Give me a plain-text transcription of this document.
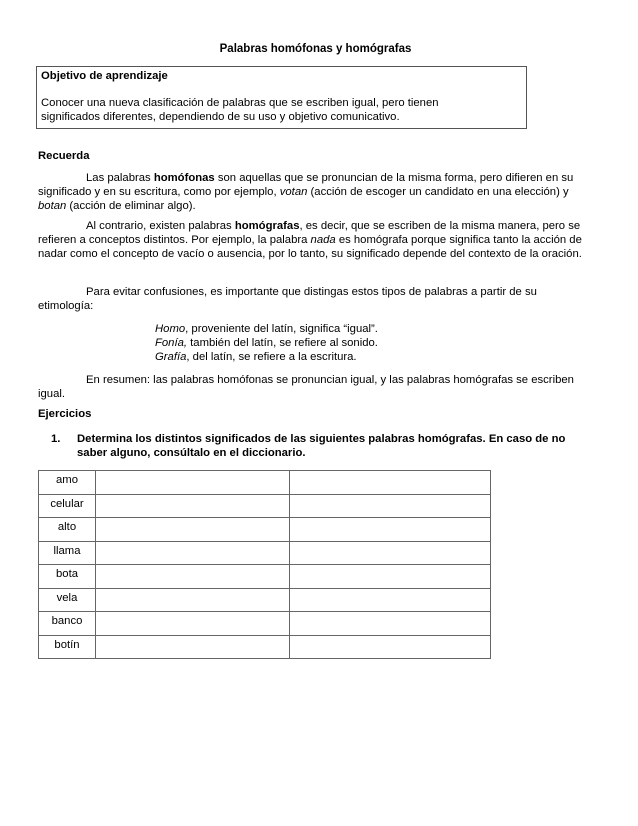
Palabras homófonas y homógrafas
Objetivo de aprendizaje
Conocer una nueva clasificación de palabras que se escriben igual, pero tienen
significados diferentes, dependiendo de su uso y objetivo comunicativo.
Recuerda
Las palabras homófonas son aquellas que se pronuncian de la misma forma, pero difieren en su significado y en su escritura, como por ejemplo, votan (acción de escoger un candidato en una elección) y botan (acción de eliminar algo).
Al contrario, existen palabras homógrafas, es decir, que se escriben de la misma manera, pero se refieren a conceptos distintos. Por ejemplo, la palabra nada es homógrafa porque significa tanto la acción de nadar como el concepto de vacío o ausencia, por lo tanto, su significado depende del contexto de la oración.
Para evitar confusiones, es importante que distingas estos tipos de palabras a partir de su etimología:
Homo, proveniente del latín, significa “igual”.
Fonía, también del latín, se refiere al sonido.
Grafía, del latín, se refiere a la escritura.
En resumen: las palabras homófonas se pronuncian igual, y las palabras homógrafas se escriben igual.
Ejercicios
1. Determina los distintos significados de las siguientes palabras homógrafas. En caso de no saber alguno, consúltalo en el diccionario.
amo		
celular		
alto		
llama		
bota		
vela		
banco		
botín		
